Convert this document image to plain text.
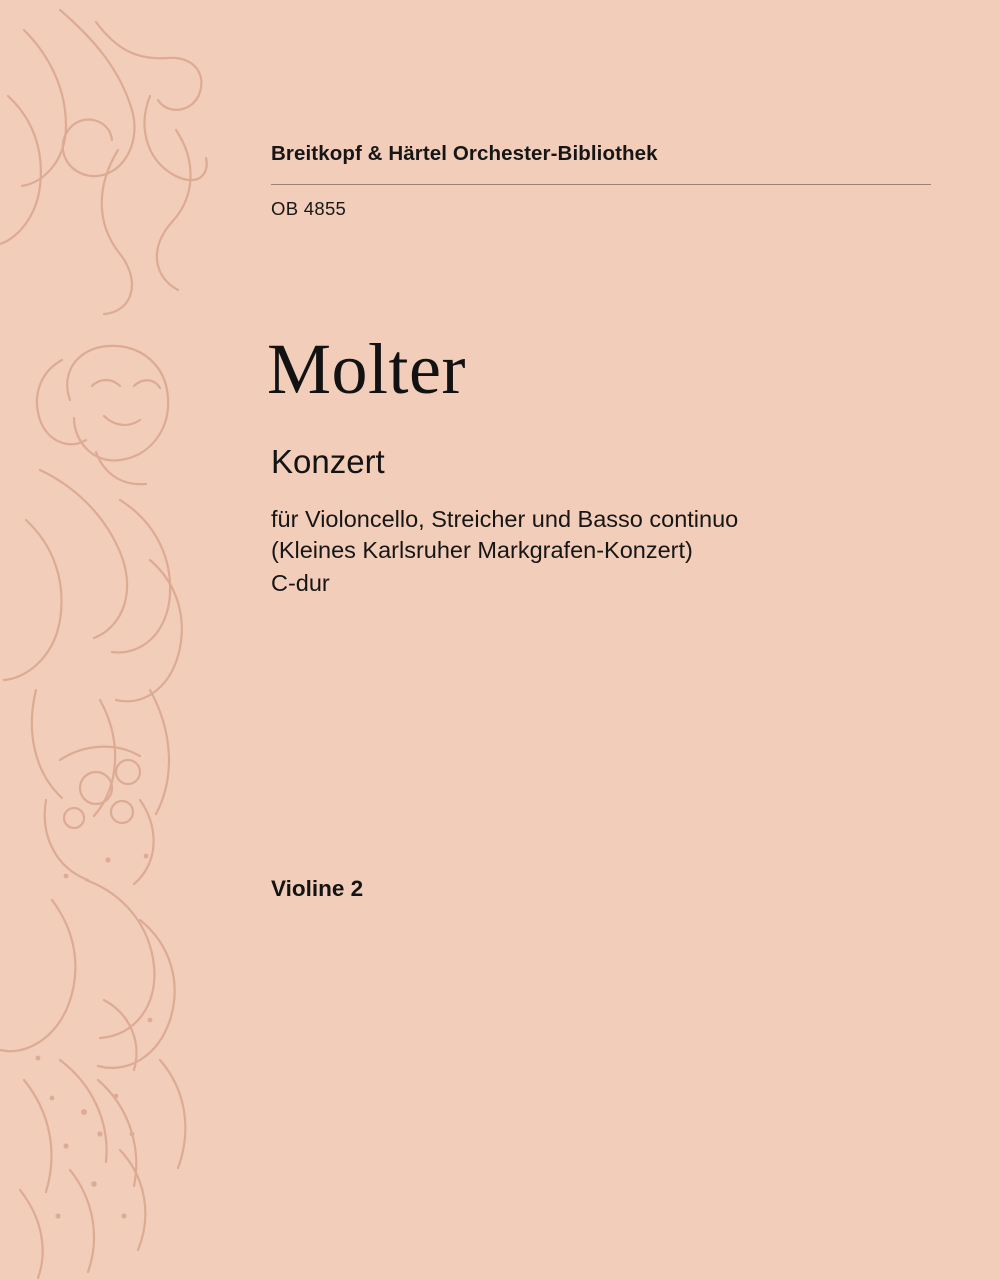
Breitkopf & Härtel Orchester-Bibliothek
OB 4855
Molter
Konzert
für Violoncello, Streicher und Basso continuo
(Kleines Karlsruher Markgrafen-Konzert)
C-dur
Violine 2
